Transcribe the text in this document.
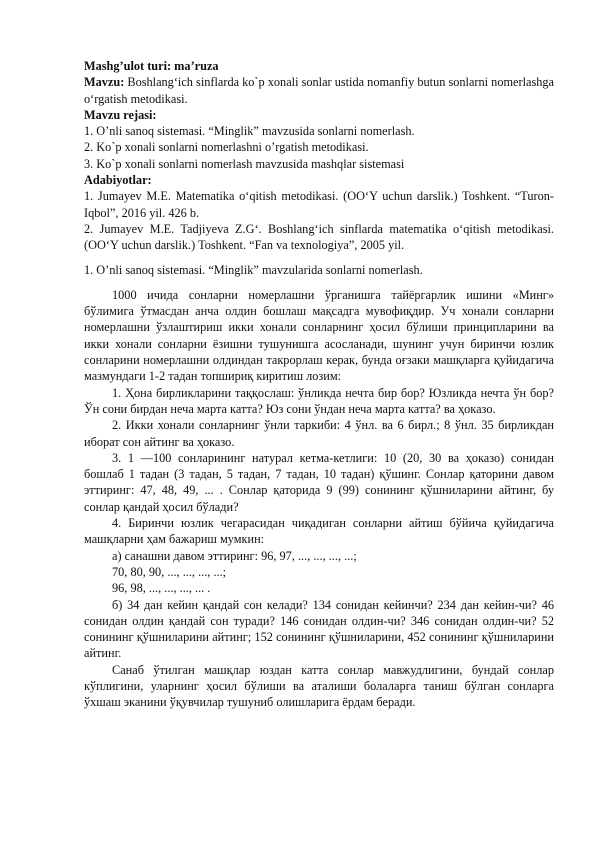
Mashg’ulot turi: ma’ruza

Mavzu: Boshlang‘ich sinflarda ko`p xonali sonlar ustida nomanfiy butun sonlarni nomerlashga o‘rgatish metodikasi.

Mavzu rejasi:
1. O’nli sanoq sistemasi. “Minglik” mavzusida sonlarni nomerlash.
2. Ko`p xonali sonlarni nomerlashni o’rgatish metodikasi.
3. Ko`p xonali sonlarni nomerlash mavzusida mashqlar sistemasi
Adabiyotlar:

1. Jumayev M.E. Matematika o‘qitish metodikasi. (OO‘Y uchun darslik.) Toshkent. “Turon-Iqbol”, 2016 yil. 426 b.

2. Jumayev M.E. Tadjiyeva Z.G‘. Boshlang‘ich sinflarda matematika o‘qitish metodikasi. (OO‘Y uchun darslik.) Toshkent. “Fan va texnologiya”, 2005 yil.

1. O’nli sanoq sistemasi. “Minglik” mavzularida sonlarni nomerlash.

1000 ичида сонларни номерлашни ўрганишга тайёргарлик ишини «Минг» бўлимига ўтмасдан анча олдин бошлаш мақсадга мувофиқдир. Уч хонали сонларни номерлашни ўзлаштириш икки хонали сонларнинг ҳосил бўлиши принципларини ва икки хонали сонларни ёзишни тушунишга асосланади, шунинг учун биринчи юзлик сонларини номерлашни олдиндан такрорлаш керак, бунда оғзаки машқларга қуйидагича мазмундаги 1-2 тадан топшириқ киритиш лозим:

1. Ҳона бирликларини таққослаш: ўнликда нечта бир бор? Юзликда нечта ўн бор? Ўн сони бирдан неча марта катта? Юз сони ўндан неча марта катта? ва ҳоказо.

2. Икки хонали сонларнинг ўнли таркиби: 4 ўнл. ва 6 бирл.; 8 ўнл. 35 бирликдан иборат сон айтинг ва ҳоказо.

3. 1 —100 сонларининг натурал кетма-кетлиги: 10 (20, 30 ва ҳоказо) сонидан бошлаб 1 тадан (3 тадан, 5 тадан, 7 тадан, 10 тадан) қўшинг. Сонлар қаторини давом эттиринг: 47, 48, 49, ... . Сонлар қаторида 9 (99) сонининг қўшниларини айтинг, бу сонлар қандай ҳосил бўлади?

4. Биринчи юзлик чегарасидан чиқадиган сонларни айтиш бўйича қуйидагича машқларни ҳам бажариш мумкин:

а) санашни давом эттиринг: 96, 97, ..., ..., ..., ...;

70, 80, 90, ..., ..., ..., ...;

96, 98, ..., ..., ..., ... .

б) 34 дан кейин қандай сон келади? 134 сонидан кейинчи? 234 дан кейин-чи? 46 сонидан олдин қандай сон туради? 146 сонидан олдин-чи? 346 сонидан олдин-чи? 52 сонининг қўшниларини айтинг; 152 сонининг қўшниларини, 452 сонининг қўшниларини айтинг.

Санаб ўтилган машқлар юздан катта сонлар мавжудлигини, бундай сонлар кўплигини, уларнинг ҳосил бўлиши ва аталиши болаларга таниш бўлган сонларга ўхшаш эканини ўқувчилар тушуниб олишларига ёрдам беради.
